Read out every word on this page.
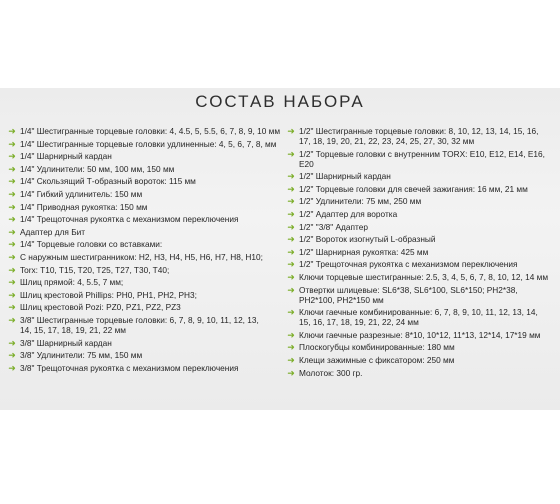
СОСТАВ НАБОРА
➜ 1/4" Шестигранные торцевые головки: 4, 4.5, 5, 5.5, 6, 7, 8, 9, 10 мм
➜ 1/4" Шестигранные торцевые головки удлиненные: 4, 5, 6, 7, 8, мм
➜ 1/4" Шарнирный кардан
➜ 1/4" Удлинители: 50 мм, 100 мм, 150 мм
➜ 1/4" Скользящий Т-образный вороток: 115 мм
➜ 1/4" Гибкий удлинитель: 150 мм
➜ 1/4" Приводная рукоятка: 150 мм
➜ 1/4" Трещоточная рукоятка с механизмом переключения
➜ Адаптер для Бит
➜ 1/4" Торцевые головки со вставками:
➜ С наружным шестигранником: H2, H3, H4, H5, H6, H7, H8, H10;
➜ Torx: T10, T15, T20, T25, T27, T30, T40;
➜ Шлиц прямой: 4, 5.5, 7 мм;
➜ Шлиц крестовой Phillips: PH0, PH1, PH2, PH3;
➜ Шлиц крестовой Pozi: PZ0, PZ1, PZ2, PZ3
➜ 3/8" Шестигранные торцевые головки: 6, 7, 8, 9, 10, 11, 12, 13,
14, 15, 17, 18, 19, 21, 22 мм
➜ 3/8" Шарнирный кардан
➜ 3/8" Удлинители: 75 мм, 150 мм
➜ 3/8" Трещоточная рукоятка с механизмом переключения
➜ 1/2" Шестигранные торцевые головки: 8, 10, 12, 13, 14, 15, 16,
17, 18, 19, 20, 21, 22, 23, 24, 25, 27, 30, 32 мм
➜ 1/2" Торцевые головки с внутренним TORX: E10, E12, E14, E16, E20
➜ 1/2" Шарнирный кардан
➜ 1/2" Торцевые головки для свечей зажигания: 16 мм, 21 мм
➜ 1/2" Удлинители: 75 мм, 250 мм
➜ 1/2" Адаптер для воротка
➜ 1/2" "3/8" Адаптер
➜ 1/2" Вороток изогнутый L-образный
➜ 1/2" Шарнирная рукоятка: 425 мм
➜ 1/2" Трещоточная рукоятка с механизмом переключения
➜ Ключи торцевые шестигранные: 2.5, 3, 4, 5, 6, 7, 8, 10, 12, 14 мм
➜ Отвертки шлицевые: SL6*38, SL6*100, SL6*150; PH2*38,
PH2*100, PH2*150 мм
➜ Ключи гаечные комбинированные: 6, 7, 8, 9, 10, 11, 12, 13, 14,
15, 16, 17, 18, 19, 21, 22, 24 мм
➜ Ключи гаечные разрезные: 8*10, 10*12, 11*13, 12*14, 17*19 мм
➜ Плоскогубцы комбинированные: 180 мм
➜ Клещи зажимные с фиксатором: 250 мм
➜ Молоток: 300 гр.
